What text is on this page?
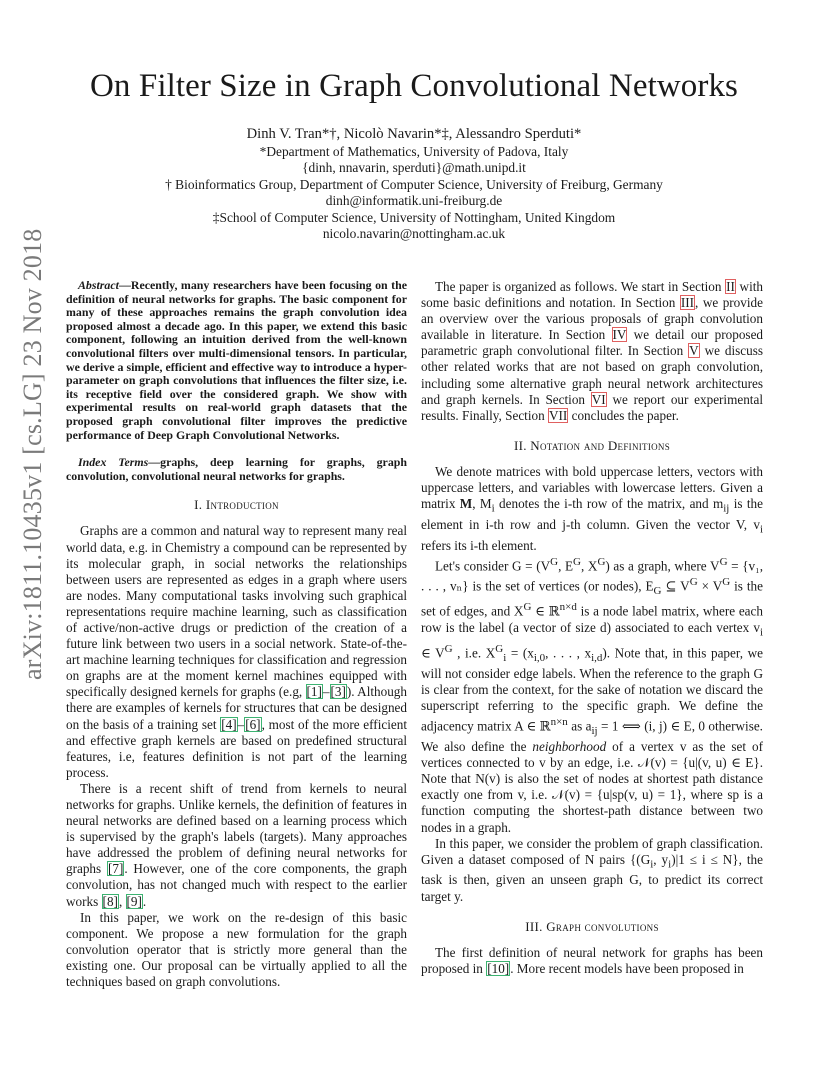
On Filter Size in Graph Convolutional Networks
Dinh V. Tran*†, Nicolò Navarin*‡, Alessandro Sperduti*
*Department of Mathematics, University of Padova, Italy
{dinh, nnavarin, sperduti}@math.unipd.it
† Bioinformatics Group, Department of Computer Science, University of Freiburg, Germany
dinh@informatik.uni-freiburg.de
‡School of Computer Science, University of Nottingham, United Kingdom
nicolo.navarin@nottingham.ac.uk
arXiv:1811.10435v1 [cs.LG] 23 Nov 2018	Abstract—Recently, many researchers have been focusing on the definition of neural networks for graphs. The basic component for many of these approaches remains the graph convolution idea proposed almost a decade ago. In this paper, we extend this basic component, following an intuition derived from the well-known convolutional filters over multi-dimensional tensors. In particular, we derive a simple, efficient and effective way to introduce a hyper-parameter on graph convolutions that influences the filter size, i.e. its receptive field over the considered graph. We show with experimental results on real-world graph datasets that the proposed graph convolutional filter improves the predictive performance of Deep Graph Convolutional Networks.

Index Terms—graphs, deep learning for graphs, graph convolution, convolutional neural networks for graphs.

I. Introduction

Graphs are a common and natural way to represent many real world data, e.g. in Chemistry a compound can be represented by its molecular graph, in social networks the relationships between users are represented as edges in a graph where users are nodes. Many computational tasks involving such graphical representations require machine learning, such as classification of active/non-active drugs or prediction of the creation of a future link between two users in a social network. State-of-the-art machine learning techniques for classification and regression on graphs are at the moment kernel machines equipped with specifically designed kernels for graphs (e.g, [1]–[3]). Although there are examples of kernels for structures that can be designed on the basis of a training set [4]–[6], most of the more efficient and effective graph kernels are based on predefined structural features, i.e, features definition is not part of the learning process.

There is a recent shift of trend from kernels to neural networks for graphs. Unlike kernels, the definition of features in neural networks are defined based on a learning process which is supervised by the graph's labels (targets). Many approaches have addressed the problem of defining neural networks for graphs [7]. However, one of the core components, the graph convolution, has not changed much with respect to the earlier works [8], [9].

In this paper, we work on the re-design of this basic component. We propose a new formulation for the graph convolution operator that is strictly more general than the existing one. Our proposal can be virtually applied to all the techniques based on graph convolutions.

The paper is organized as follows. We start in Section II with some basic definitions and notation. In Section III, we provide an overview over the various proposals of graph convolution available in literature. In Section IV we detail our proposed parametric graph convolutional filter. In Section V we discuss other related works that are not based on graph convolution, including some alternative graph neural network architectures and graph kernels. In Section VI we report our experimental results. Finally, Section VII concludes the paper.

II. Notation and Definitions

We denote matrices with bold uppercase letters, vectors with uppercase letters, and variables with lowercase letters. Given a matrix M, $M_i$ denotes the i-th row of the matrix, and $m_{ij}$ is the element in i-th row and j-th column. Given the vector V, $v_i$ refers its i-th element.

Let's consider $G = (V^G$, $E^G$, $X^G$) as a graph, where $V^G = \{v_1$, . . . , vₙ} is the set of vertices (or nodes), $E_G$ ⊆ $V^G \times V^G$ is the set of edges, and $X^G$ ∈ ℝ$^{n\times d}$ is a node label matrix, where each row is the label (a vector of size d) associated to each vertex $v_i$ ∈ $V^G$ , i.e. $X^G_i = (x_{i,0}$, . . . , $x_{i,d}$). Note that, in this paper, we will not consider edge labels. When the reference to the graph G is clear from the context, for the sake of notation we discard the superscript referring to the specific graph. We define the adjacency matrix A ∈ ℝ$^{n\times n}$ as $a_{ij} = 1$ ⟺ (i, j) ∈ E, 0 otherwise. We also define the neighborhood of a vertex v as the set of vertices connected to v by an edge, i.e. 𝒩(v) = {u|(v, u) ∈ E}. Note that N(v) is also the set of nodes at shortest path distance exactly one from v, i.e. 𝒩(v) = {u|sp(v, u) = 1}, where sp is a function computing the shortest-path distance between two nodes in a graph.

In this paper, we consider the problem of graph classification. Given a dataset composed of N pairs {($G_i$, $y_i)|1 \le i \le N$}, the task is then, given an unseen graph G, to predict its correct target y.

III. Graph convolutions

The first definition of neural network for graphs has been proposed in [10]. More recent models have been proposed in
